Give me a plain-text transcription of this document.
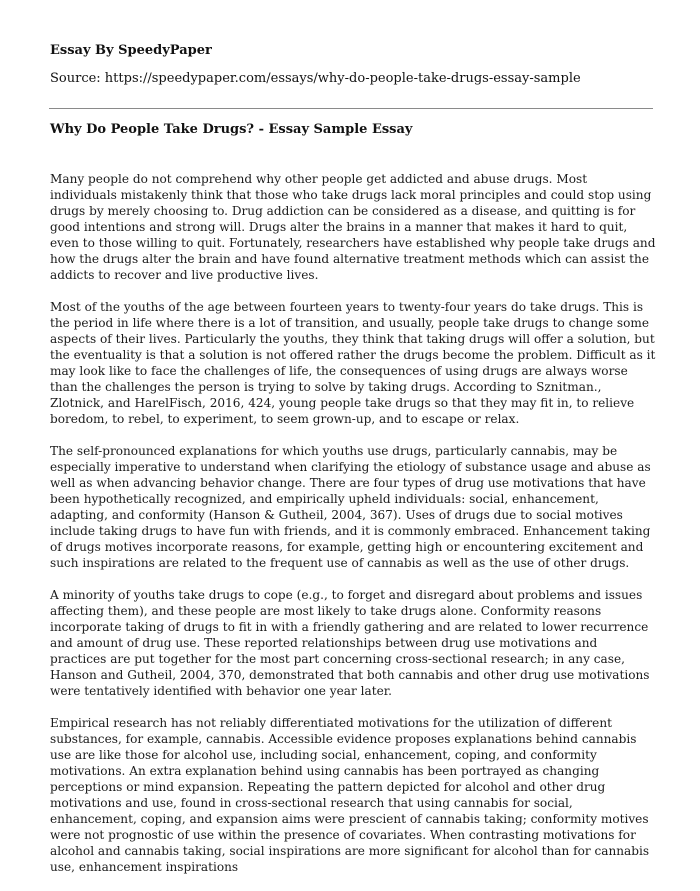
Essay By SpeedyPaper
Source: https://speedypaper.com/essays/why-do-people-take-drugs-essay-sample
Why Do People Take Drugs? - Essay Sample Essay

Many people do not comprehend why other people get addicted and abuse drugs. Most individuals mistakenly think that those who take drugs lack moral principles and could stop using drugs by merely choosing to. Drug addiction can be considered as a disease, and quitting is for good intentions and strong will. Drugs alter the brains in a manner that makes it hard to quit, even to those willing to quit. Fortunately, researchers have established why people take drugs and how the drugs alter the brain and have found alternative treatment methods which can assist the addicts to recover and live productive lives.

Most of the youths of the age between fourteen years to twenty-four years do take drugs. This is the period in life where there is a lot of transition, and usually, people take drugs to change some aspects of their lives. Particularly the youths, they think that taking drugs will offer a solution, but the eventuality is that a solution is not offered rather the drugs become the problem. Difficult as it may look like to face the challenges of life, the consequences of using drugs are always worse than the challenges the person is trying to solve by taking drugs. According to Sznitman., Zlotnick, and HarelFisch, 2016, 424, young people take drugs so that they may fit in, to relieve boredom, to rebel, to experiment, to seem grown-up, and to escape or relax.

The self-pronounced explanations for which youths use drugs, particularly cannabis, may be especially imperative to understand when clarifying the etiology of substance usage and abuse as well as when advancing behavior change. There are four types of drug use motivations that have been hypothetically recognized, and empirically upheld individuals: social, enhancement, adapting, and conformity (Hanson & Gutheil, 2004, 367). Uses of drugs due to social motives include taking drugs to have fun with friends, and it is commonly embraced. Enhancement taking of drugs motives incorporate reasons, for example, getting high or encountering excitement and such inspirations are related to the frequent use of cannabis as well as the use of other drugs.

A minority of youths take drugs to cope (e.g., to forget and disregard about problems and issues affecting them), and these people are most likely to take drugs alone. Conformity reasons incorporate taking of drugs to fit in with a friendly gathering and are related to lower recurrence and amount of drug use. These reported relationships between drug use motivations and practices are put together for the most part concerning cross-sectional research; in any case, Hanson and Gutheil, 2004, 370, demonstrated that both cannabis and other drug use motivations were tentatively identified with behavior one year later.

Empirical research has not reliably differentiated motivations for the utilization of different substances, for example, cannabis. Accessible evidence proposes explanations behind cannabis use are like those for alcohol use, including social, enhancement, coping, and conformity motivations. An extra explanation behind using cannabis has been portrayed as changing perceptions or mind expansion. Repeating the pattern depicted for alcohol and other drug motivations and use, found in cross-sectional research that using cannabis for social, enhancement, coping, and expansion aims were prescient of cannabis taking; conformity motives were not prognostic of use within the presence of covariates. When contrasting motivations for alcohol and cannabis taking, social inspirations are more significant for alcohol than for cannabis use, enhancement inspirations
